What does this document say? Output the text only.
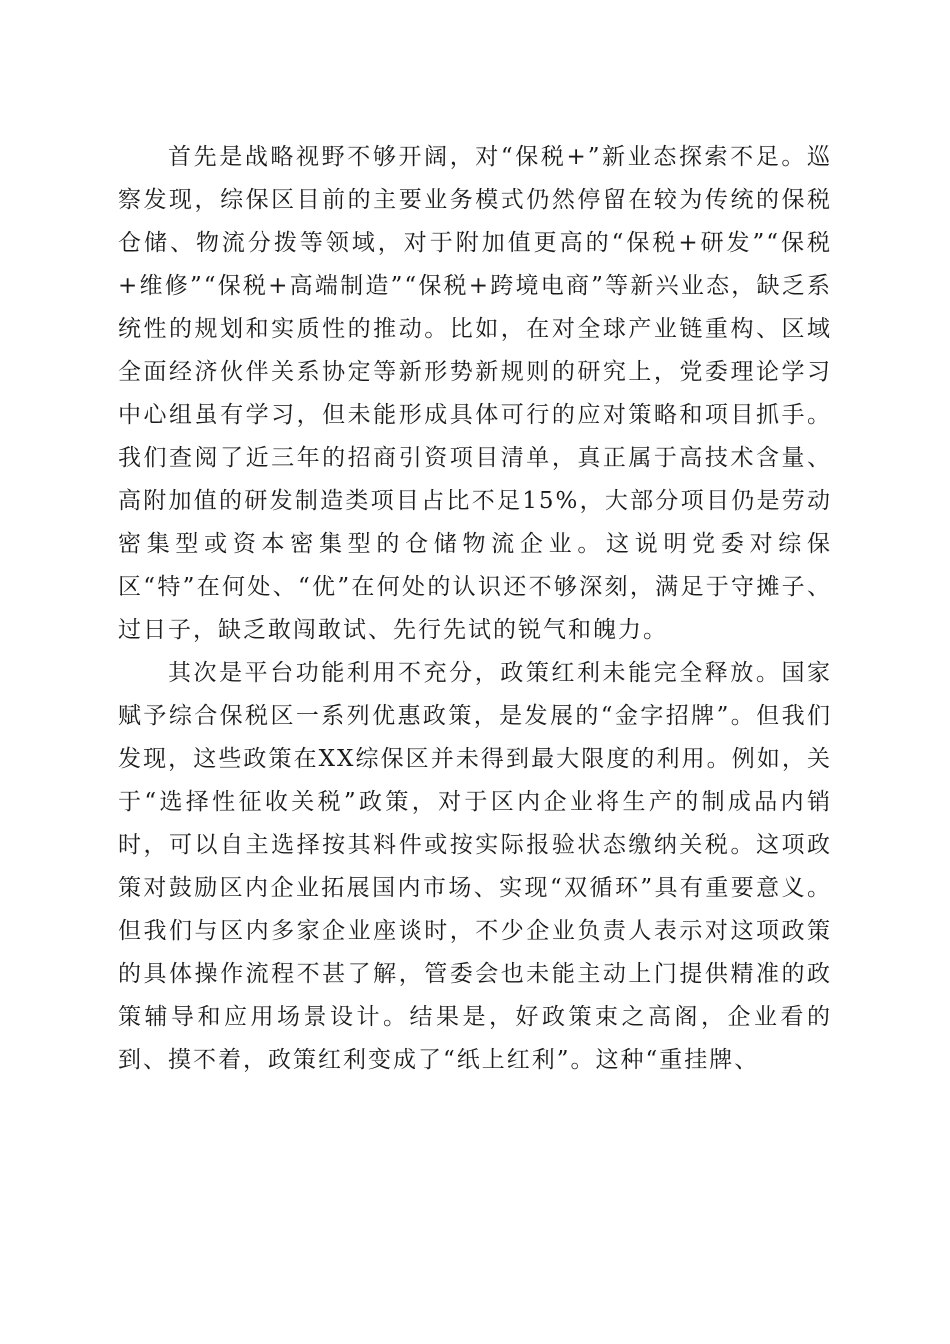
首先是战略视野不够开阔，对“保税+”新业态探索不足。巡察发现，综保区目前的主要业务模式仍然停留在较为传统的保税仓储、物流分拨等领域，对于附加值更高的“保税+研发”“保税+维修”“保税+高端制造”“保税+跨境电商”等新兴业态，缺乏系统性的规划和实质性的推动。比如，在对全球产业链重构、区域全面经济伙伴关系协定等新形势新规则的研究上，党委理论学习中心组虽有学习，但未能形成具体可行的应对策略和项目抓手。我们查阅了近三年的招商引资项目清单，真正属于高技术含量、高附加值的研发制造类项目占比不足15%，大部分项目仍是劳动密集型或资本密集型的仓储物流企业。这说明党委对综保区“特”在何处、“优”在何处的认识还不够深刻，满足于守摊子、过日子，缺乏敢闯敢试、先行先试的锐气和魄力。

其次是平台功能利用不充分，政策红利未能完全释放。国家赋予综合保税区一系列优惠政策，是发展的“金字招牌”。但我们发现，这些政策在XX综保区并未得到最大限度的利用。例如，关于“选择性征收关税”政策，对于区内企业将生产的制成品内销时，可以自主选择按其料件或按实际报验状态缴纳关税。这项政策对鼓励区内企业拓展国内市场、实现“双循环”具有重要意义。但我们与区内多家企业座谈时，不少企业负责人表示对这项政策的具体操作流程不甚了解，管委会也未能主动上门提供精准的政策辅导和应用场景设计。结果是，好政策束之高阁，企业看的到、摸不着，政策红利变成了“纸上红利”。这种“重挂牌、
